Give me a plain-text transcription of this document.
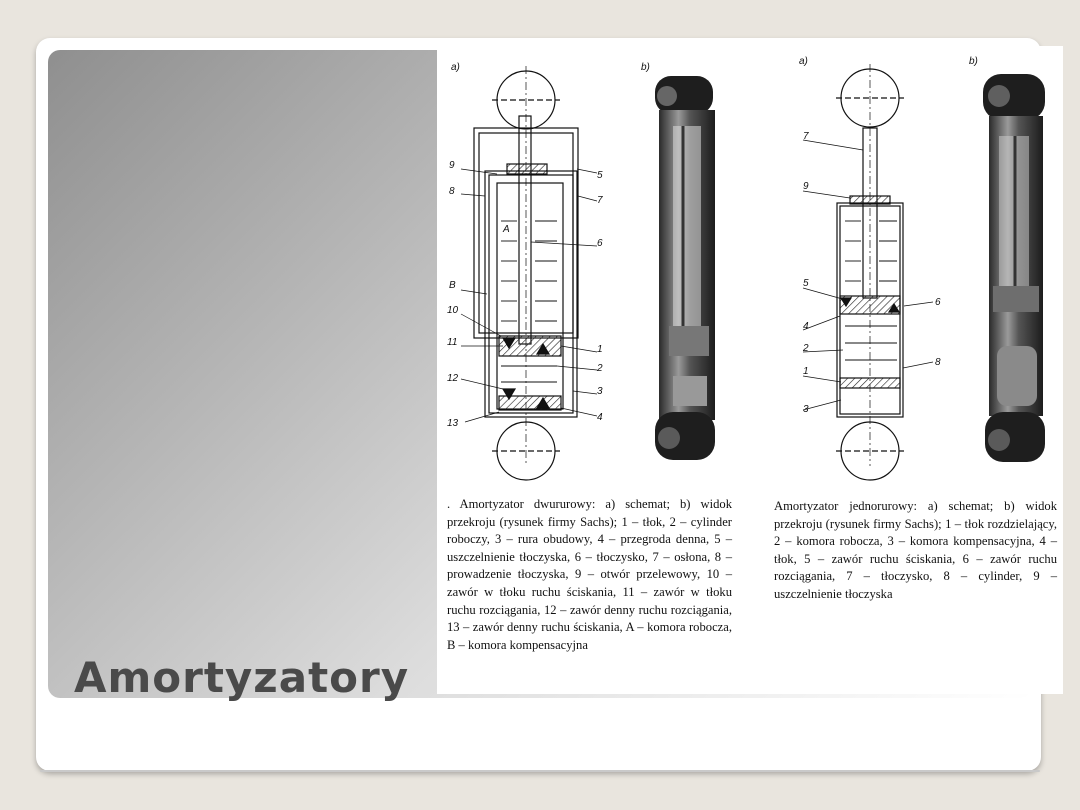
Amortyzatory
a)	b)
9
5
8
7
A
6
B
10
11
1
2
12
3
13
4
a)	b)
7
9
5
6
4
2
8
1
3
. Amortyzator dwururowy: a) schemat; b) widok przekroju (rysunek firmy Sachs); 1 – tłok, 2 – cylinder roboczy, 3 – rura obudowy, 4 – przegroda denna, 5 – uszczelnienie tłoczyska, 6 – tłoczysko, 7 – osłona, 8 – prowadzenie tłoczyska, 9 – otwór przelewowy, 10 – zawór w tłoku ruchu ściskania, 11 – zawór w tłoku ruchu rozciągania, 12 – zawór denny ruchu rozciągania, 13 – zawór denny ruchu ściskania, A – komora robocza, B – komora kompensacyjna
Amortyzator jednorurowy: a) schemat; b) widok przekroju (rysunek firmy Sachs); 1 – tłok rozdzielający, 2 – komora robocza, 3 – komora kompensacyjna, 4 – tłok, 5 – zawór ruchu ściskania, 6 – zawór ruchu rozciągania, 7 – tłoczysko, 8 – cylinder, 9 – uszczelnienie tłoczyska
